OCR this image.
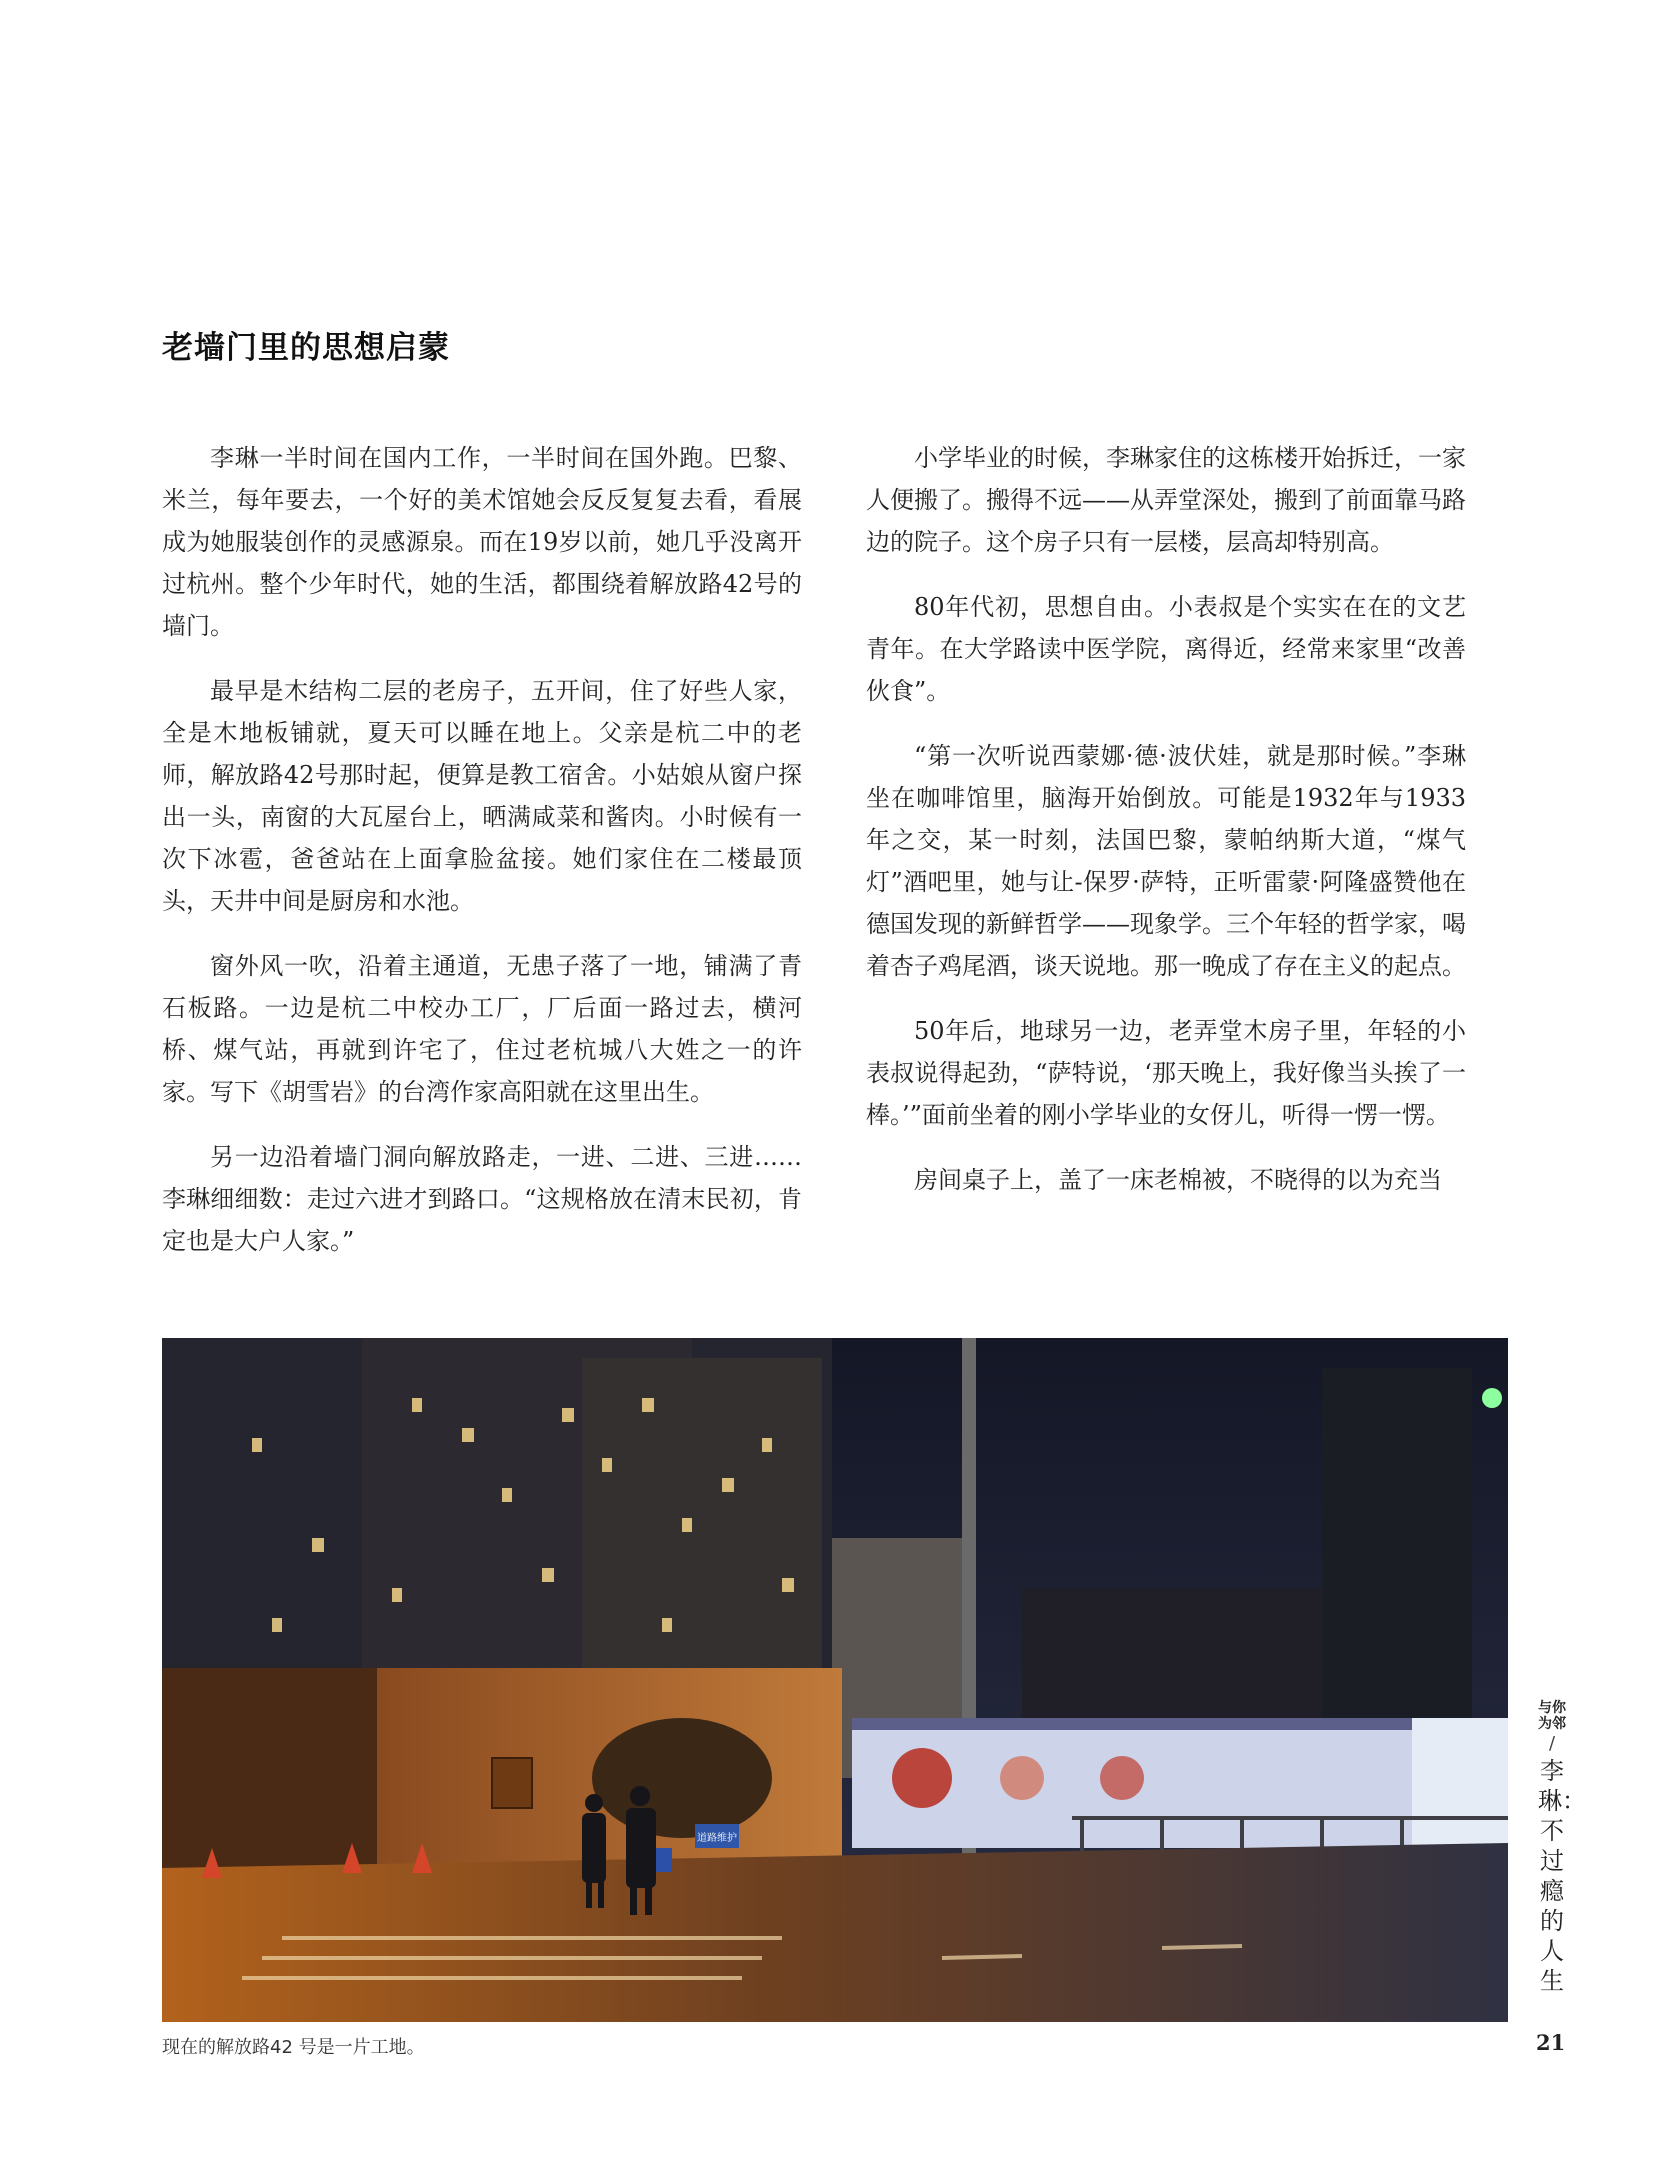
老墙门里的思想启蒙

李琳一半时间在国内工作，一半时间在国外跑。巴黎、米兰，每年要去，一个好的美术馆她会反反复复去看，看展成为她服装创作的灵感源泉。而在19岁以前，她几乎没离开过杭州。整个少年时代，她的生活，都围绕着解放路42号的墙门。

最早是木结构二层的老房子，五开间，住了好些人家，全是木地板铺就，夏天可以睡在地上。父亲是杭二中的老师，解放路42号那时起，便算是教工宿舍。小姑娘从窗户探出一头，南窗的大瓦屋台上，晒满咸菜和酱肉。小时候有一次下冰雹，爸爸站在上面拿脸盆接。她们家住在二楼最顶头，天井中间是厨房和水池。

窗外风一吹，沿着主通道，无患子落了一地，铺满了青石板路。一边是杭二中校办工厂，厂后面一路过去，横河桥、煤气站，再就到许宅了，住过老杭城八大姓之一的许家。写下《胡雪岩》的台湾作家高阳就在这里出生。

另一边沿着墙门洞向解放路走，一进、二进、三进……李琳细细数：走过六进才到路口。“这规格放在清末民初，肯定也是大户人家。”

小学毕业的时候，李琳家住的这栋楼开始拆迁，一家人便搬了。搬得不远——从弄堂深处，搬到了前面靠马路边的院子。这个房子只有一层楼，层高却特别高。

80年代初，思想自由。小表叔是个实实在在的文艺青年。在大学路读中医学院，离得近，经常来家里“改善伙食”。

“第一次听说西蒙娜·德·波伏娃，就是那时候。”李琳坐在咖啡馆里，脑海开始倒放。可能是1932年与1933年之交，某一时刻，法国巴黎，蒙帕纳斯大道，“煤气灯”酒吧里，她与让-保罗·萨特，正听雷蒙·阿隆盛赞他在德国发现的新鲜哲学——现象学。三个年轻的哲学家，喝着杏子鸡尾酒，谈天说地。那一晚成了存在主义的起点。

50年后，地球另一边，老弄堂木房子里，年轻的小表叔说得起劲，“萨特说，‘那天晚上，我好像当头挨了一棒。’”面前坐着的刚小学毕业的女伢儿，听得一愣一愣。

房间桌子上，盖了一床老棉被，不晓得的以为充当

道路维护
现在的解放路42 号是一片工地。
与你为邻
/
李琳：不过瘾的人生
21
